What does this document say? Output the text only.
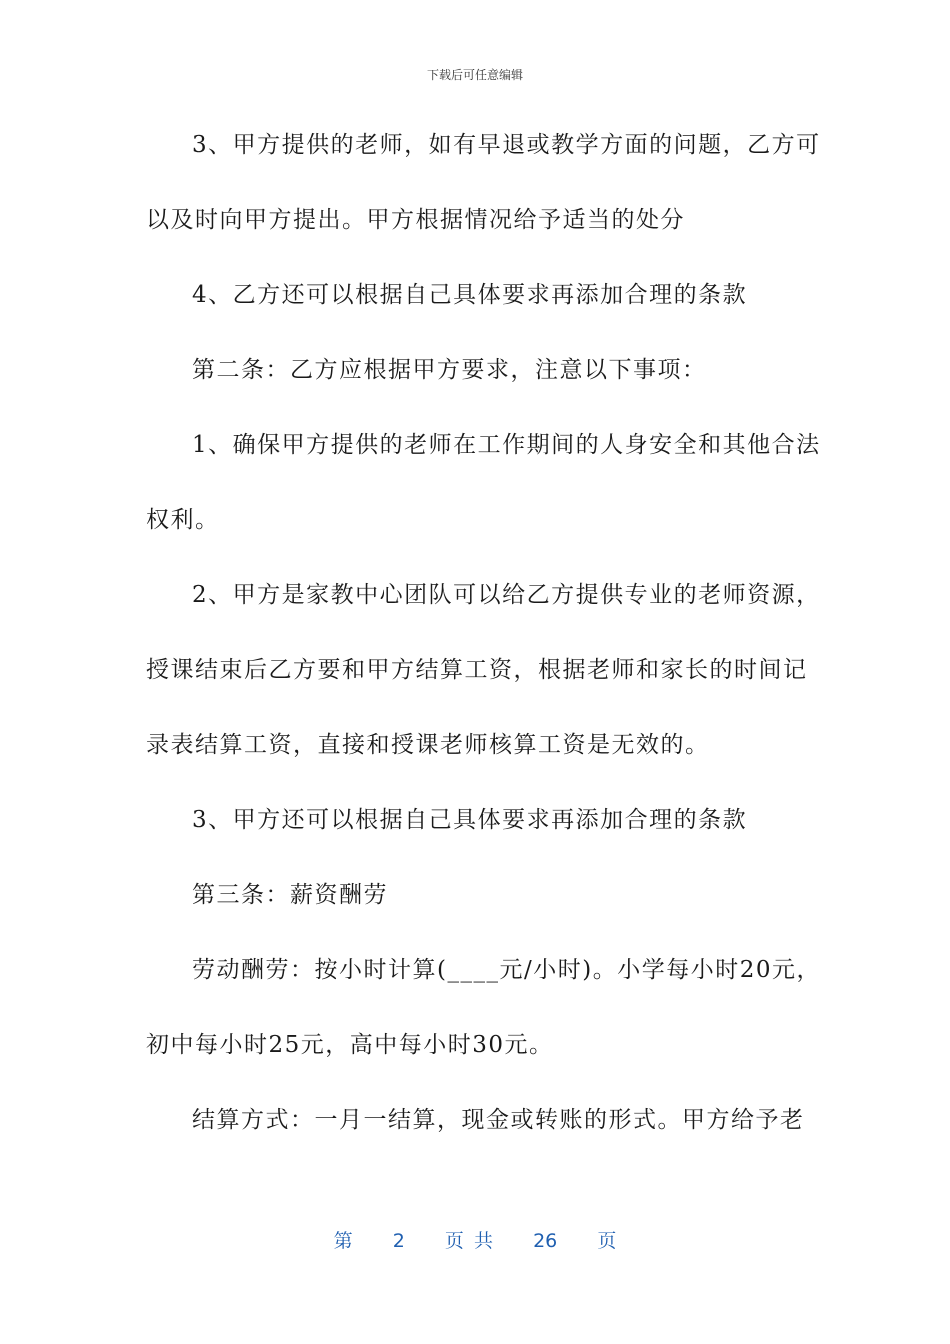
下载后可任意编辑
3、甲方提供的老师，如有早退或教学方面的问题，乙方可
以及时向甲方提出。甲方根据情况给予适当的处分
4、乙方还可以根据自己具体要求再添加合理的条款
第二条：乙方应根据甲方要求，注意以下事项：
1、确保甲方提供的老师在工作期间的人身安全和其他合法
权利。
2、甲方是家教中心团队可以给乙方提供专业的老师资源，
授课结束后乙方要和甲方结算工资，根据老师和家长的时间记
录表结算工资，直接和授课老师核算工资是无效的。
3、甲方还可以根据自己具体要求再添加合理的条款
第三条：薪资酬劳
劳动酬劳：按小时计算(____元/小时)。小学每小时20元，
初中每小时25元，高中每小时30元。
结算方式：一月一结算，现金或转账的形式。甲方给予老
第 2 页 共 26 页
